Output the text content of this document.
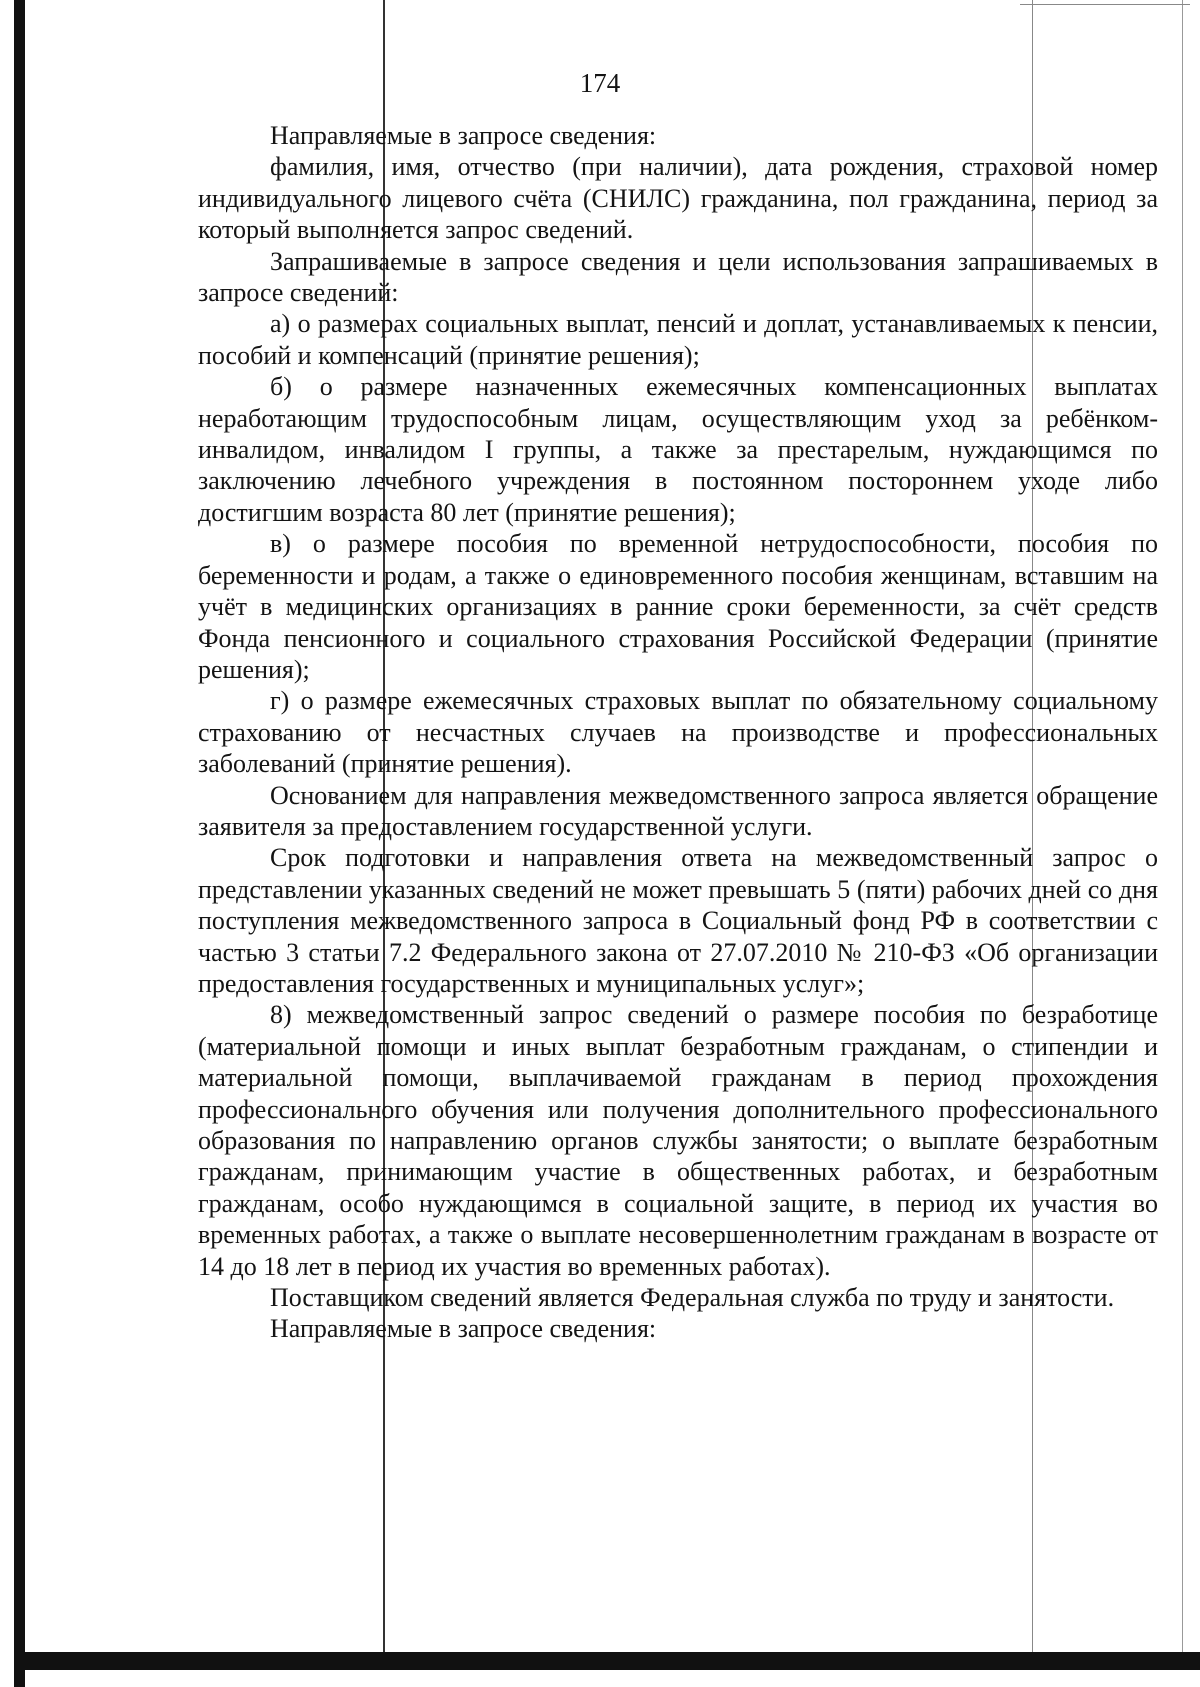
174

Направляемые в запросе сведения:

фамилия, имя, отчество (при наличии), дата рождения, страховой номер индивидуального лицевого счёта (СНИЛС) гражданина, пол гражданина, период за который выполняется запрос сведений.

Запрашиваемые в запросе сведения и цели использования запрашиваемых в запросе сведений:

а) о размерах социальных выплат, пенсий и доплат, устанавливаемых к пенсии, пособий и компенсаций (принятие решения);

б) о размере назначенных ежемесячных компенсационных выплатах неработающим трудоспособным лицам, осуществляющим уход за ребёнком-инвалидом, инвалидом I группы, а также за престарелым, нуждающимся по заключению лечебного учреждения в постоянном постороннем уходе либо достигшим возраста 80 лет (принятие решения);

в) о размере пособия по временной нетрудоспособности, пособия по беременности и родам, а также о единовременного пособия женщинам, вставшим на учёт в медицинских организациях в ранние сроки беременности, за счёт средств Фонда пенсионного и социального страхования Российской Федерации (принятие решения);

г) о размере ежемесячных страховых выплат по обязательному социальному страхованию от несчастных случаев на производстве и профессиональных заболеваний (принятие решения).

Основанием для направления межведомственного запроса является обращение заявителя за предоставлением государственной услуги.

Срок подготовки и направления ответа на межведомственный запрос о представлении указанных сведений не может превышать 5 (пяти) рабочих дней со дня поступления межведомственного запроса в Социальный фонд РФ в соответствии с частью 3 статьи 7.2 Федерального закона от 27.07.2010 № 210-ФЗ «Об организации предоставления государственных и муниципальных услуг»;

8) межведомственный запрос сведений о размере пособия по безработице (материальной помощи и иных выплат безработным гражданам, о стипендии и материальной помощи, выплачиваемой гражданам в период прохождения профессионального обучения или получения дополнительного профессионального образования по направлению органов службы занятости; о выплате безработным гражданам, принимающим участие в общественных работах, и безработным гражданам, особо нуждающимся в социальной защите, в период их участия во временных работах, а также о выплате несовершеннолетним гражданам в возрасте от 14 до 18 лет в период их участия во временных работах).

Поставщиком сведений является Федеральная служба по труду и занятости.

Направляемые в запросе сведения:
